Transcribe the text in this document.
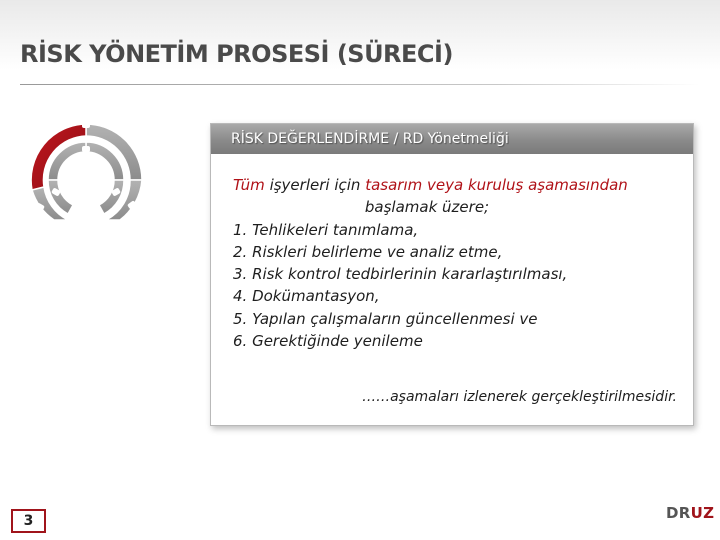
RİSK YÖNETİM PROSESİ (SÜRECİ)
RİSK DEĞERLENDİRME / RD Yönetmeliği
Tüm işyerleri için tasarım veya kuruluş aşamasından
başlamak üzere;
1. Tehlikeleri tanımlama,
2. Riskleri belirleme ve analiz etme,
3. Risk kontrol tedbirlerinin kararlaştırılması,
4. Dokümantasyon,
5. Yapılan çalışmaların güncellenmesi ve
6. Gerektiğinde yenileme
……aşamaları izlenerek gerçekleştirilmesidir.
3	DRUZ
